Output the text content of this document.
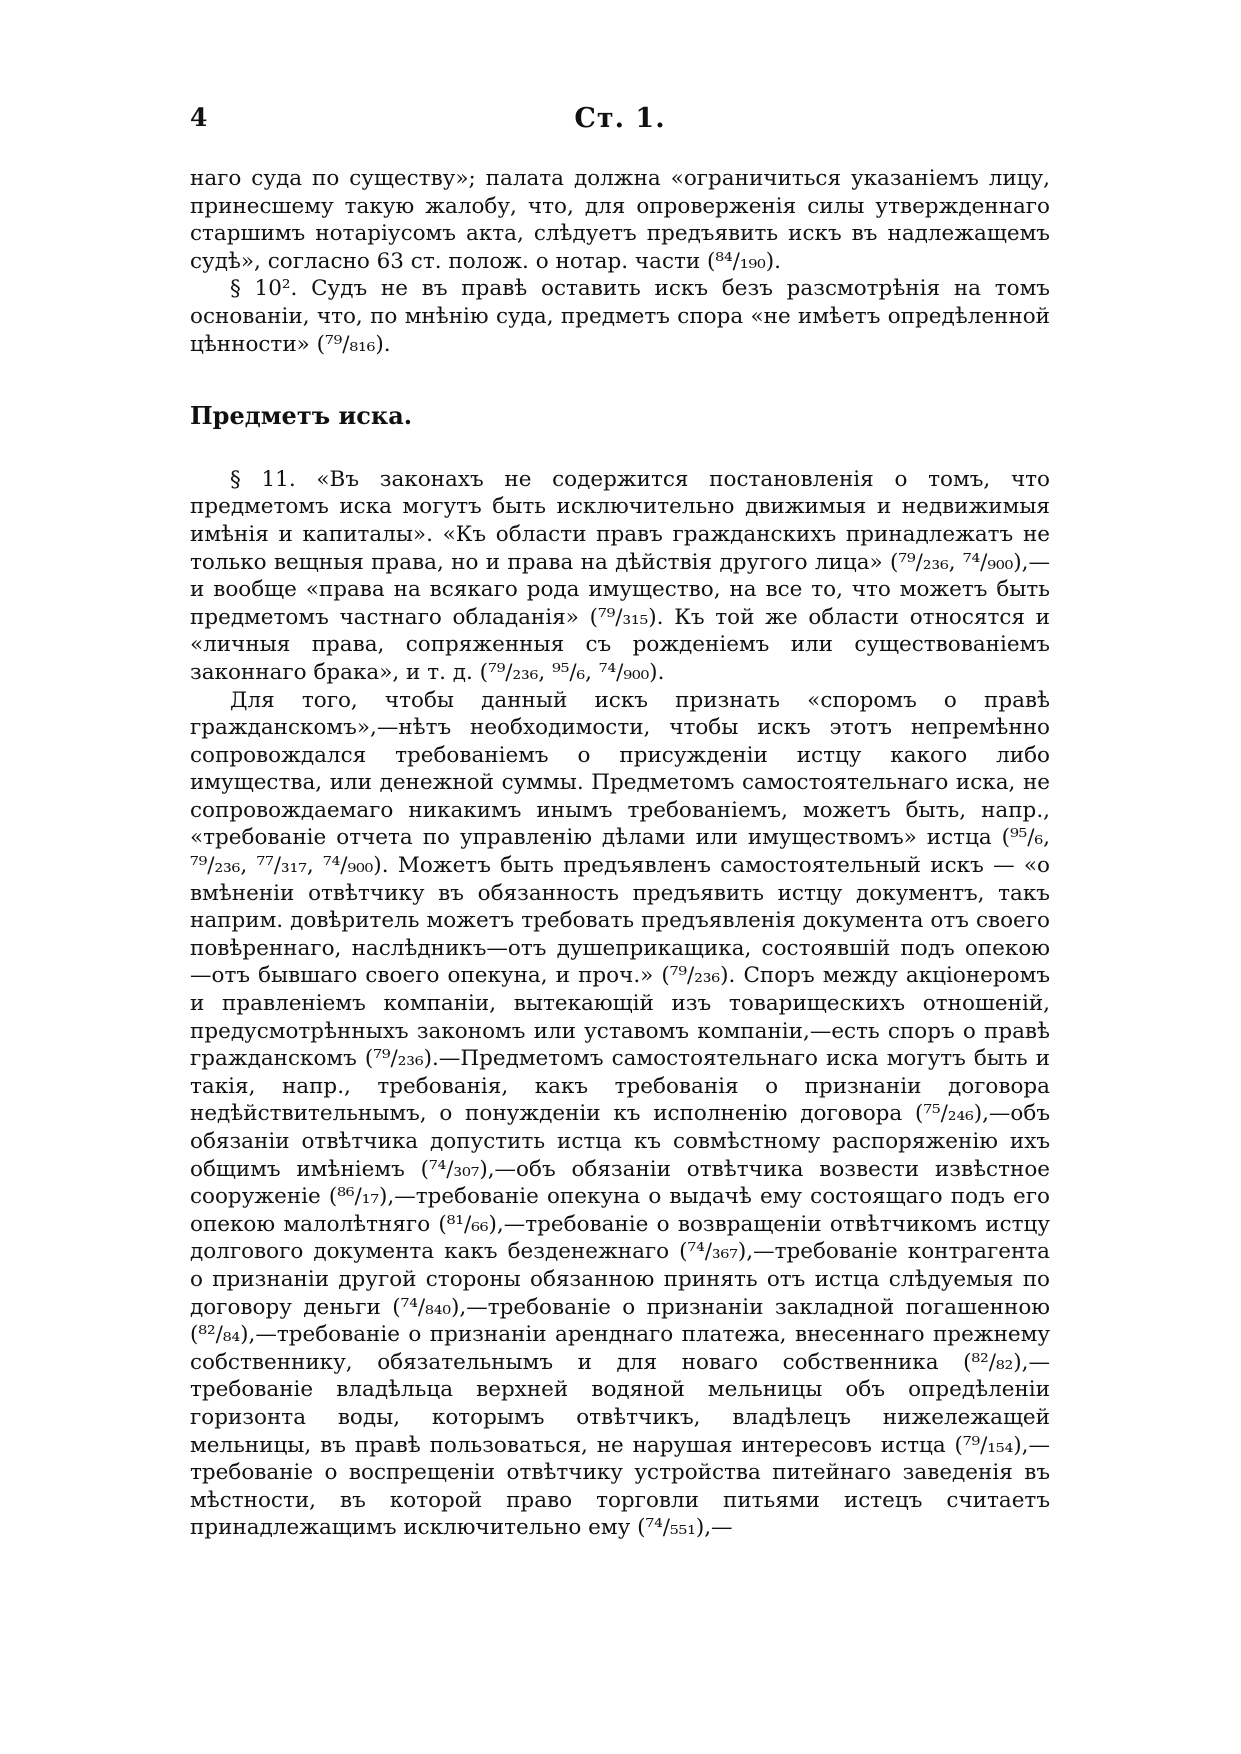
4	Ст. 1.

наго суда по существу»; палата должна «ограничиться указаніемъ лицу, принесшему такую жалобу, что, для опроверженія силы утвержденнаго старшимъ нотаріусомъ акта, слѣдуетъ предъявить искъ въ надлежащемъ судѣ», согласно 63 ст. полож. о нотар. части (⁸⁴/₁₉₀).

§ 10². Судъ не въ правѣ оставить искъ безъ разсмотрѣнія на томъ основаніи, что, по мнѣнію суда, предметъ спора «не имѣетъ опредѣленной цѣнности» (⁷⁹/₈₁₆).

Предметъ иска.

§ 11. «Въ законахъ не содержится постановленія о томъ, что предметомъ иска могутъ быть исключительно движимыя и недвижимыя имѣнія и капиталы». «Къ области правъ гражданскихъ принадлежатъ не только вещныя права, но и права на дѣйствія другого лица» (⁷⁹/₂₃₆, ⁷⁴/₉₀₀),—и вообще «права на всякаго рода имущество, на все то, что можетъ быть предметомъ частнаго обладанія» (⁷⁹/₃₁₅). Къ той же области относятся и «личныя права, сопряженныя съ рожденіемъ или существованіемъ законнаго брака», и т. д. (⁷⁹/₂₃₆, ⁹⁵/₆, ⁷⁴/₉₀₀).

Для того, чтобы данный искъ признать «споромъ о правѣ гражданскомъ»,—нѣтъ необходимости, чтобы искъ этотъ непремѣнно сопровождался требованіемъ о присужденіи истцу какого либо имущества, или денежной суммы. Предметомъ самостоятельнаго иска, не сопровождаемаго никакимъ инымъ требованіемъ, можетъ быть, напр., «требованіе отчета по управленію дѣлами или имуществомъ» истца (⁹⁵/₆, ⁷⁹/₂₃₆, ⁷⁷/₃₁₇, ⁷⁴/₉₀₀). Можетъ быть предъявленъ самостоятельный искъ — «о вмѣненіи отвѣтчику въ обязанность предъявить истцу документъ, такъ наприм. довѣритель можетъ требовать предъявленія документа отъ своего повѣреннаго, наслѣдникъ—отъ душеприкащика, состоявшій подъ опекою—отъ бывшаго своего опекуна, и проч.» (⁷⁹/₂₃₆). Споръ между акціонеромъ и правленіемъ компаніи, вытекающій изъ товарищескихъ отношеній, предусмотрѣнныхъ закономъ или уставомъ компаніи,—есть споръ о правѣ гражданскомъ (⁷⁹/₂₃₆).—Предметомъ самостоятельнаго иска могутъ быть и такія, напр., требованія, какъ требованія о признаніи договора недѣйствительнымъ, о понужденіи къ исполненію договора (⁷⁵/₂₄₆),—объ обязаніи отвѣтчика допустить истца къ совмѣстному распоряженію ихъ общимъ имѣніемъ (⁷⁴/₃₀₇),—объ обязаніи отвѣтчика возвести извѣстное сооруженіе (⁸⁶/₁₇),—требованіе опекуна о выдачѣ ему состоящаго подъ его опекою малолѣтняго (⁸¹/₆₆),—требованіе о возвращеніи отвѣтчикомъ истцу долгового документа какъ безденежнаго (⁷⁴/₃₆₇),—требованіе контрагента о признаніи другой стороны обязанною принять отъ истца слѣдуемыя по договору деньги (⁷⁴/₈₄₀),—требованіе о признаніи закладной погашенною (⁸²/₈₄),—требованіе о признаніи аренднаго платежа, внесеннаго прежнему собственнику, обязательнымъ и для новаго собственника (⁸²/₈₂),—требованіе владѣльца верхней водяной мельницы объ опредѣленіи горизонта воды, которымъ отвѣтчикъ, владѣлецъ нижележащей мельницы, въ правѣ пользоваться, не нарушая интересовъ истца (⁷⁹/₁₅₄),—требованіе о воспрещеніи отвѣтчику устройства питейнаго заведенія въ мѣстности, въ которой право торговли питьями истецъ считаетъ принадлежащимъ исключительно ему (⁷⁴/₅₅₁),—
